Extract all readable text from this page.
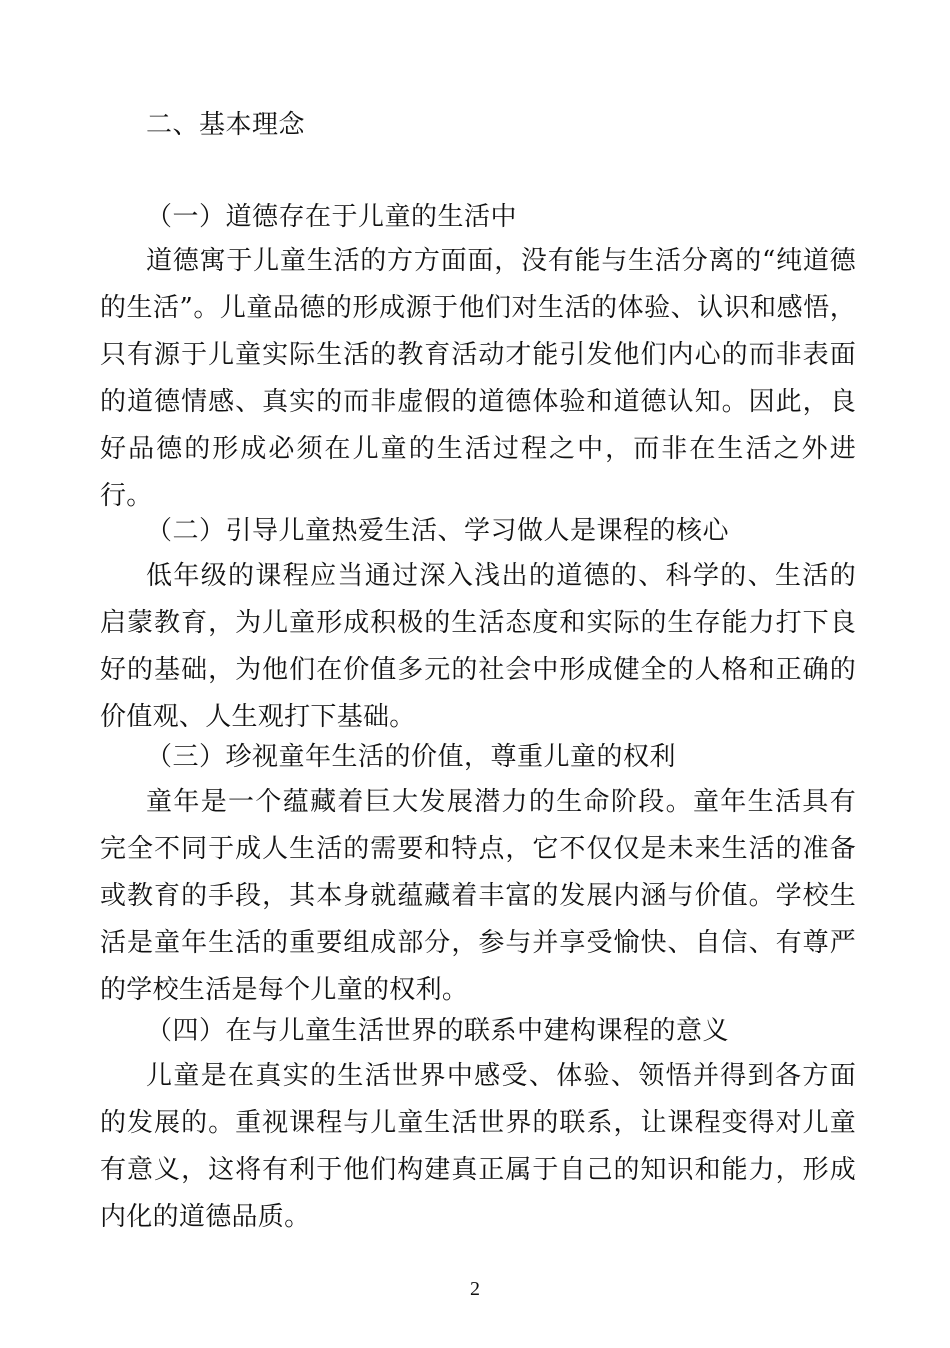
二、基本理念
（一）道德存在于儿童的生活中

道德寓于儿童生活的方方面面，没有能与生活分离的“纯道德的生活”。儿童品德的形成源于他们对生活的体验、认识和感悟，只有源于儿童实际生活的教育活动才能引发他们内心的而非表面的道德情感、真实的而非虚假的道德体验和道德认知。因此，良好品德的形成必须在儿童的生活过程之中，而非在生活之外进行。

（二）引导儿童热爱生活、学习做人是课程的核心

低年级的课程应当通过深入浅出的道德的、科学的、生活的启蒙教育，为儿童形成积极的生活态度和实际的生存能力打下良好的基础，为他们在价值多元的社会中形成健全的人格和正确的价值观、人生观打下基础。

（三）珍视童年生活的价值，尊重儿童的权利

童年是一个蕴藏着巨大发展潜力的生命阶段。童年生活具有完全不同于成人生活的需要和特点，它不仅仅是未来生活的准备或教育的手段，其本身就蕴藏着丰富的发展内涵与价值。学校生活是童年生活的重要组成部分，参与并享受愉快、自信、有尊严的学校生活是每个儿童的权利。

（四）在与儿童生活世界的联系中建构课程的意义

儿童是在真实的生活世界中感受、体验、领悟并得到各方面的发展的。重视课程与儿童生活世界的联系，让课程变得对儿童有意义，这将有利于他们构建真正属于自己的知识和能力，形成内化的道德品质。

2
